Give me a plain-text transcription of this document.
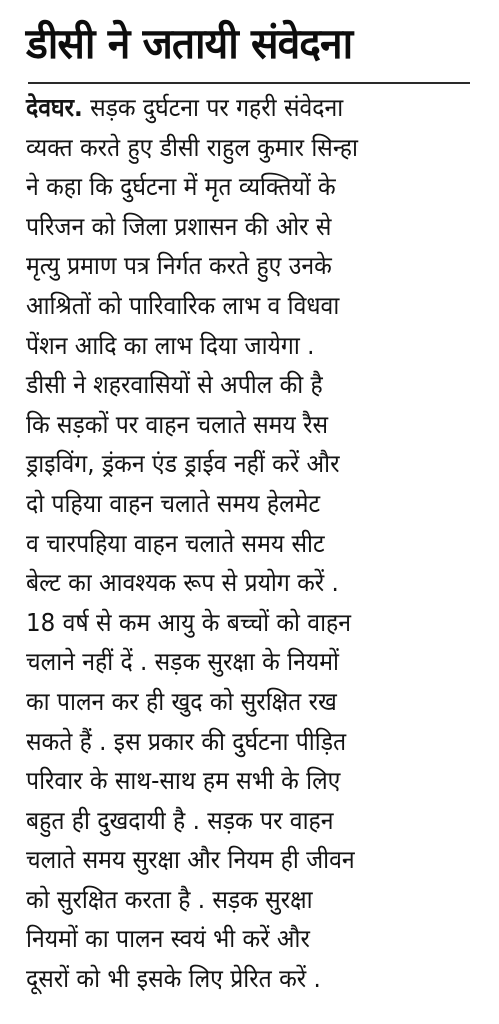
डीसी ने जतायी संवेदना
देवघर. सड़क दुर्घटना पर गहरी संवेदना
व्यक्त करते हुए डीसी राहुल कुमार सिन्हा
ने कहा कि दुर्घटना में मृत व्यक्तियों के
परिजन को जिला प्रशासन की ओर से
मृत्यु प्रमाण पत्र निर्गत करते हुए उनके
आश्रितों को पारिवारिक लाभ व विधवा
पेंशन आदि का लाभ दिया जायेगा .
डीसी ने शहरवासियों से अपील की है
कि सड़कों पर वाहन चलाते समय रैस
ड्राइविंग, ड्रंकन एंड ड्राईव नहीं करें और
दो पहिया वाहन चलाते समय हेलमेट
व चारपहिया वाहन चलाते समय सीट
बेल्ट का आवश्यक रूप से प्रयोग करें .
18 वर्ष से कम आयु के बच्चों को वाहन
चलाने नहीं दें . सड़क सुरक्षा के नियमों
का पालन कर ही खुद को सुरक्षित रख
सकते हैं . इस प्रकार की दुर्घटना पीड़ित
परिवार के साथ-साथ हम सभी के लिए
बहुत ही दुखदायी है . सड़क पर वाहन
चलाते समय सुरक्षा और नियम ही जीवन
को सुरक्षित करता है . सड़क सुरक्षा
नियमों का पालन स्वयं भी करें और
दूसरों को भी इसके लिए प्रेरित करें .
